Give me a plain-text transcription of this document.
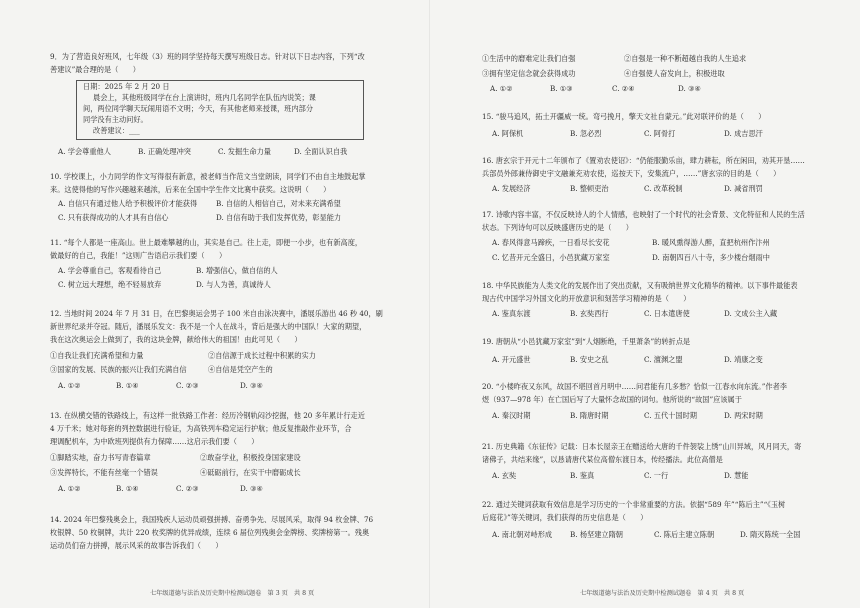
9．为了营造良好班风，七年级（3）班的同学坚持每天撰写班级日志。针对以下日志内容，下列“改
善建议”最合理的是（　　）
日期：2025 年 2 月 20 日
晨会上，其他班级同学在台上演讲时，班内几名同学在队伍内说笑；课
间，两位同学聊天玩闹用语不文明；今天，有其他老师来授课，班内部分
同学没有主动问好。
改善建议：___
A. 学会尊重他人	B. 正确处理冲突	C. 发掘生命力量	D. 全面认识自我
10. 学校课上，小力同学的作文写得很有新意，被老师当作范文当堂朗读，同学们不由自主地鼓起掌
来。这使得他的写作兴趣越来越浓，后来在全国中学生作文比赛中获奖。这说明（　　）
A. 自信只有通过他人给予积极评价才能获得	B. 自信的人相信自己，对未来充满希望
C. 只有获得成功的人才具有自信心	D. 自信有助于我们发挥优势，彰显能力
11. “每个人都是一座高山。世上最难攀越的山，其实是自己。往上走，即便一小步，也有新高度，
做最好的自己，我能！”这则广告语启示我们要（　　）
A. 学会尊重自己，客观看待自己	B. 增强信心，做自信的人
C. 树立远大理想，绝不轻易放弃	D. 与人为善，真诚待人
12. 当地时间 2024 年 7 月 31 日，在巴黎奥运会男子 100 米自由泳决赛中，潘展乐游出 46 秒 40，刷
新世界纪录并夺冠。随后，潘展乐发文：我不是一个人在战斗，背后是强大的中国队！大家的期望，
我在这次奥运会上做到了，我的这块金牌，献给伟大的祖国！由此可见（　　）
①自我让我们充满希望和力量	②自信源于成长过程中积累的实力
③国家的发展、民族的振兴让我们充满自信	④自信是凭空产生的
A. ①②	B. ①④	C. ②③	D. ③④
13. 在纵横交错的铁路线上，有这样一批铁路工作者：经历冷钢轨闷沙挖掘，他 20 多年累计行走近
4 万千米；她对每套的列控数据进行验证，为高铁列车稳定运行护航；他反复推敲作业环节，合
理调配机车，为中欧班列提供有力保障……这启示我们要（　　）
①脚踏实地，奋力书写青春篇章	②敢奋学业，积极投身国家建设
③发挥特长，不能有丝毫一个错误	④砥砺前行，在实干中磨砺成长
A. ①②	B. ①④	C. ②③	D. ③④
14. 2024 年巴黎残奥会上，我国残疾人运动员顽强拼搏、奋勇争先、尽展风采，取得 94 枚金牌、76
枚银牌、50 枚铜牌，共计 220 枚奖牌的优异成绩，连续 6 届位列残奥会金牌榜、奖牌榜第一。残奥
运动员们奋力拼搏，展示风采的故事告诉我们（　　）
七年级道德与法治及历史期中检测试题卷　第 3 页　共 8 页
①生活中的磨难定让我们自强	②自强是一种不断超越自我的人生追求
③拥有坚定信念就会获得成功	④自强使人奋发向上，积极进取
A. ①②	B. ①③	C. ②④	D. ③④
15. “骏马追风，拓土开疆威一统。弯弓挽月，擎天文社自蒙元。”此对联评价的是（　　）
A. 阿保机	B. 忽必烈	C. 阿骨打	D. 成吉思汗
16. 唐玄宗于开元十二年颁布了《置劝农使诏》：“仍能服勤乐亩，肆力耕耘，所在闲田，劝其开垦……
兵部员外郎兼侍御史宇文融兼充劝农使，巡按天下，安集流户，……”唐玄宗的目的是（　　）
A. 发展经济	B. 整顿吏治	C. 改革税制	D. 减省刑罚
17. 诗歌内容丰富，不仅反映诗人的个人情感，也映射了一个时代的社会背景、文化特征和人民的生活
状态。下列诗句可以反映盛唐历史的是（　　）
A. 春风得意马蹄疾，一日看尽长安花	B. 暖风熏得游人醉，直把杭州作汴州
C. 忆昔开元全盛日，小邑犹藏万家室	D. 南朝四百八十寺，多少楼台烟雨中
18. 中华民族能为人类文化的发展作出了突出贡献，又有吸纳世界文化精华的精神。以下事件最能表
现古代中国学习外国文化的开放意识和刻苦学习精神的是（　　）
A. 鉴真东渡	B. 玄奘西行	C. 日本遣唐使	D. 文成公主入藏
19. 唐朝从“小邑犹藏万家室”到“人烟断绝，千里萧条”的转折点是
A. 开元盛世	B. 安史之乱	C. 澶渊之盟	D. 靖康之变
20. “小楼昨夜又东风，故国不堪回首月明中……问君能有几多愁？恰似一江春水向东流。”作者李
煜（937—978 年）在亡国后写了大量怀念故国的词句。他所说的“故国”应该属于
A. 秦汉时期	B. 隋唐时期	C. 五代十国时期	D. 两宋时期
21. 历史典籍《东征传》记载：日本长屋亲王在赠送给大唐的千件袈裟上绣“山川异域，风月同天，寄
诸佛子，共结来缘”，以恳请唐代某位高僧东渡日本，传经播法。此位高僧是
A. 玄奘	B. 鉴真	C. 一行	D. 慧能
22. 通过关键词获取有效信息是学习历史的一个非常重要的方法。依据“589 年”“陈后主”“《玉树
后庭花》”等关键词，我们获得的历史信息是（　　）
A. 南北朝对峙形成 B. 杨坚建立隋朝	C. 陈后主建立陈朝	D. 隋灭陈统一全国
七年级道德与法治及历史期中检测试题卷　第 4 页　共 8 页
